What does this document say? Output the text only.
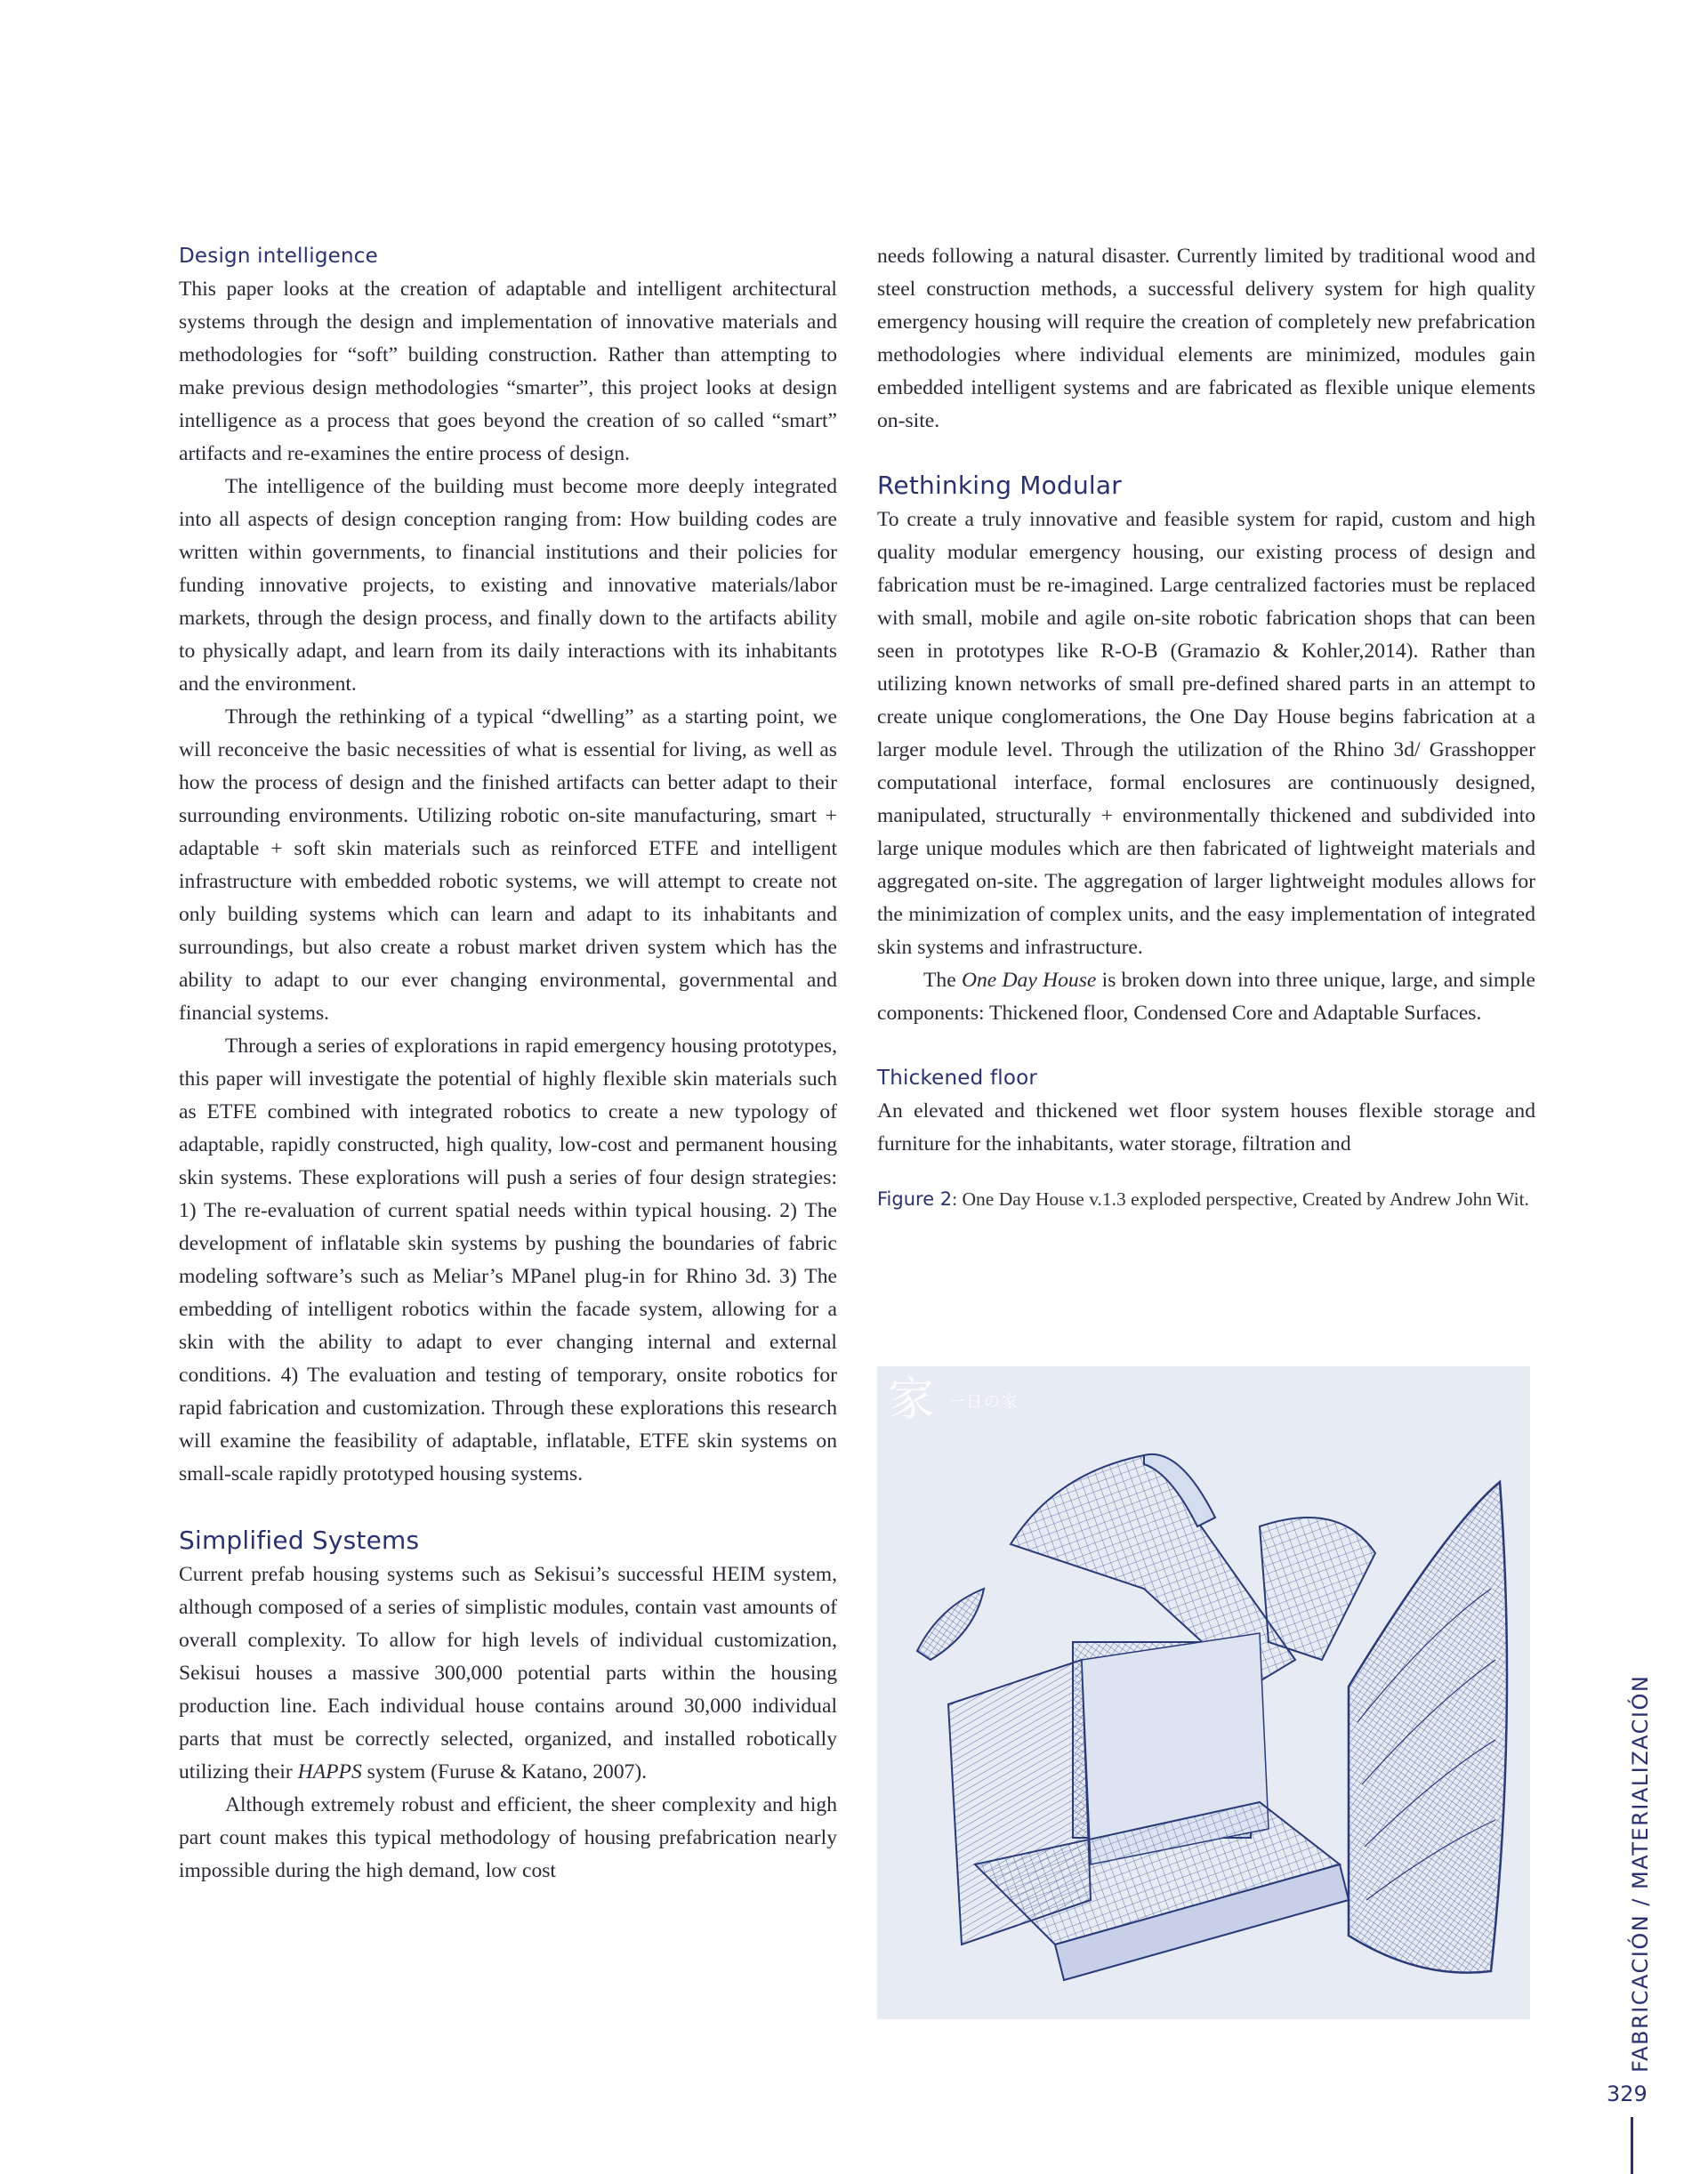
Design intelligence

This paper looks at the creation of adaptable and intelligent architectural systems through the design and implementation of innovative materials and methodologies for “soft” building construction. Rather than attempting to make previous design methodologies “smarter”, this project looks at design intelligence as a process that goes beyond the creation of so called “smart” artifacts and re-examines the entire process of design.

The intelligence of the building must become more deeply integrated into all aspects of design conception ranging from: How building codes are written within governments, to financial institutions and their policies for funding innovative projects, to existing and innovative materials/labor markets, through the design process, and finally down to the artifacts ability to physically adapt, and learn from its daily interactions with its inhabitants and the environment.

Through the rethinking of a typical “dwelling” as a starting point, we will reconceive the basic necessities of what is essential for living, as well as how the process of design and the finished artifacts can better adapt to their surrounding environments. Utilizing robotic on-site manufacturing, smart + adaptable + soft skin materials such as reinforced ETFE and intelligent infrastructure with embedded robotic systems, we will attempt to create not only building systems which can learn and adapt to its inhabitants and surroundings, but also create a robust market driven system which has the ability to adapt to our ever changing environmental, governmental and financial systems.

Through a series of explorations in rapid emergency housing prototypes, this paper will investigate the potential of highly flexible skin materials such as ETFE combined with integrated robotics to create a new typology of adaptable, rapidly constructed, high quality, low-cost and permanent housing skin systems. These explorations will push a series of four design strategies: 1) The re-evaluation of current spatial needs within typical housing. 2) The development of inflatable skin systems by pushing the boundaries of fabric modeling software’s such as Meliar’s MPanel plug-in for Rhino 3d. 3) The embedding of intelligent robotics within the facade system, allowing for a skin with the ability to adapt to ever changing internal and external conditions. 4) The evaluation and testing of temporary, onsite robotics for rapid fabrication and customization. Through these explorations this research will examine the feasibility of adaptable, inflatable, ETFE skin systems on small-scale rapidly prototyped housing systems.

Simplified Systems

Current prefab housing systems such as Sekisui’s successful HEIM system, although composed of a series of simplistic modules, contain vast amounts of overall complexity. To allow for high levels of individual customization, Sekisui houses a massive 300,000 potential parts within the housing production line. Each individual house contains around 30,000 individual parts that must be correctly selected, organized, and installed robotically utilizing their HAPPS system (Furuse & Katano, 2007).

Although extremely robust and efficient, the sheer complexity and high part count makes this typical methodology of housing prefabrication nearly impossible during the high demand, low cost

needs following a natural disaster. Currently limited by traditional wood and steel construction methods, a successful delivery system for high quality emergency housing will require the creation of completely new prefabrication methodologies where individual elements are minimized, modules gain embedded intelligent systems and are fabricated as flexible unique elements on-site.

Rethinking Modular

To create a truly innovative and feasible system for rapid, custom and high quality modular emergency housing, our existing process of design and fabrication must be re-imagined. Large centralized factories must be replaced with small, mobile and agile on-site robotic fabrication shops that can been seen in prototypes like R-O-B (Gramazio & Kohler,2014). Rather than utilizing known networks of small pre-defined shared parts in an attempt to create unique conglomerations, the One Day House begins fabrication at a larger module level. Through the utilization of the Rhino 3d/ Grasshopper computational interface, formal enclosures are continuously designed, manipulated, structurally + environmentally thickened and subdivided into large unique modules which are then fabricated of lightweight materials and aggregated on-site. The aggregation of larger lightweight modules allows for the minimization of complex units, and the easy implementation of integrated skin systems and infrastructure.

The One Day House is broken down into three unique, large, and simple components: Thickened floor, Condensed Core and Adaptable Surfaces.

Thickened floor

An elevated and thickened wet floor system houses flexible storage and furniture for the inhabitants, water storage, filtration and

Figure 2: One Day House v.1.3 exploded perspective, Created by Andrew John Wit.

家 一日の家
FABRICACIÓN / MATERIALIZACIÓN
329
